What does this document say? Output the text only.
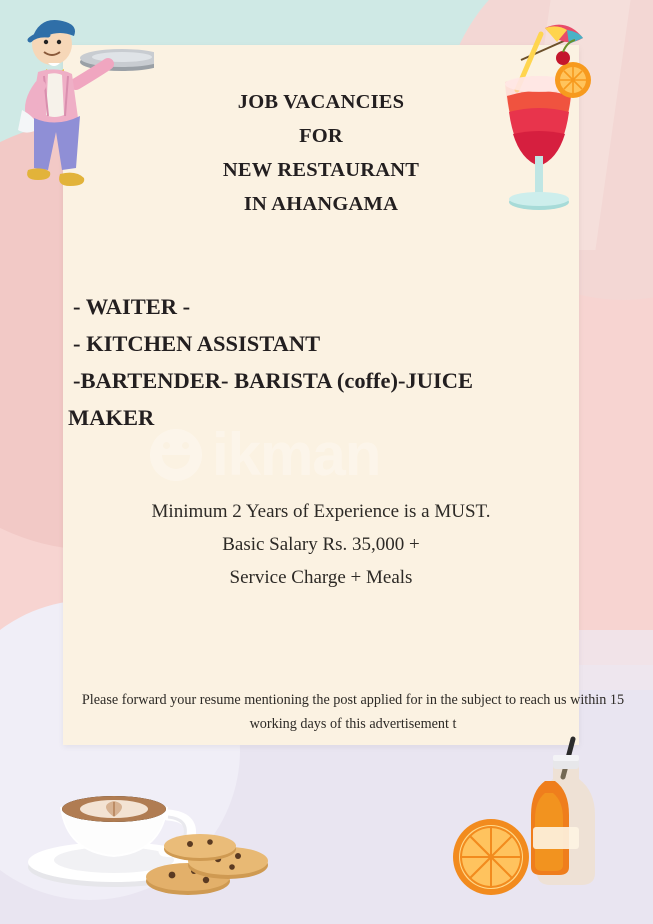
ikman
JOB VACANCIES
FOR
NEW RESTAURANT
IN AHANGAMA
- WAITER -
- KITCHEN ASSISTANT
-BARTENDER- BARISTA (coffe)-JUICE
MAKER
Minimum 2 Years of Experience is a MUST.
Basic Salary Rs. 35,000 +
Service Charge + Meals
Please forward your resume mentioning the post applied for in the subject to reach us within 15 working days of this advertisement t
